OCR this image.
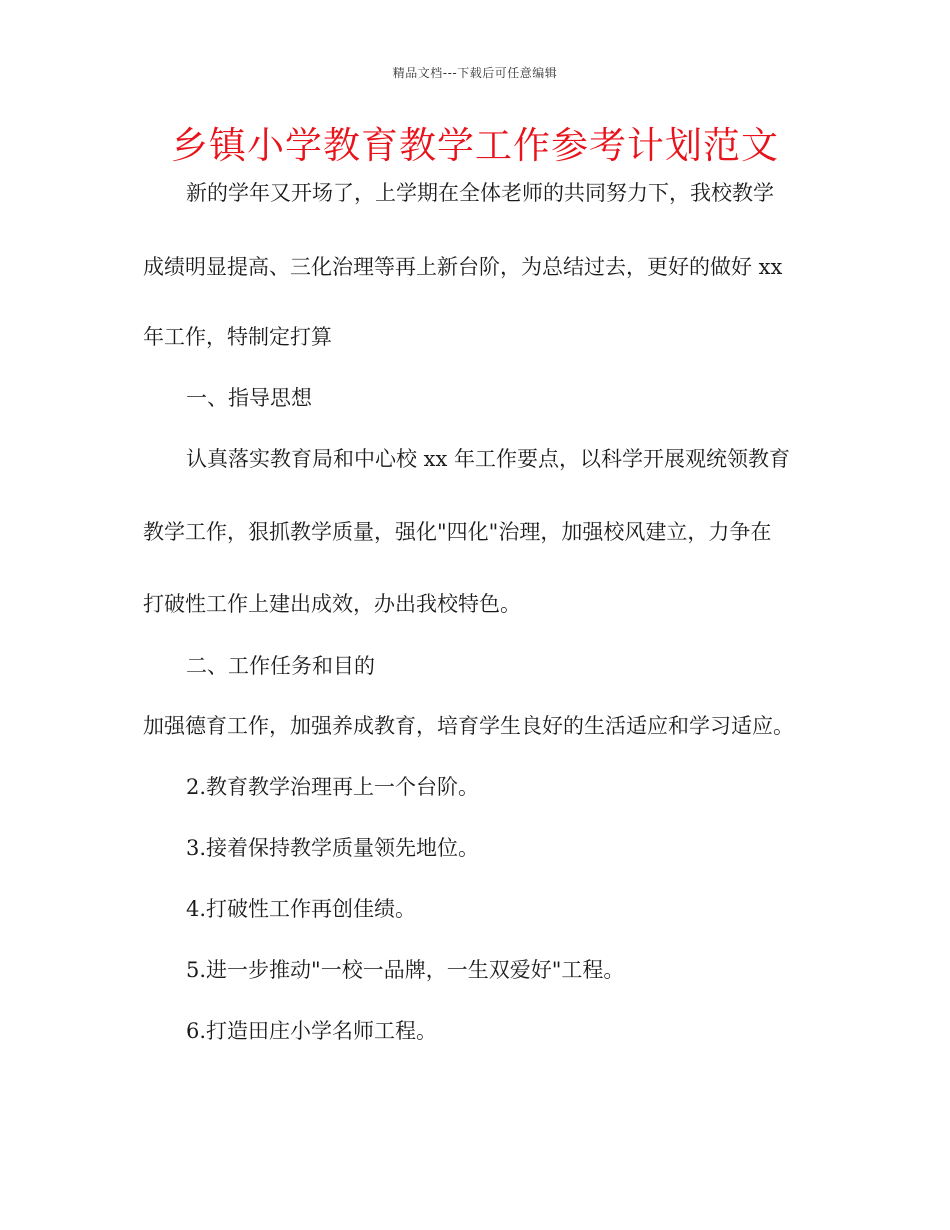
精品文档---下载后可任意编辑
乡镇小学教育教学工作参考计划范文
新的学年又开场了，上学期在全体老师的共同努力下，我校教学
成绩明显提高、三化治理等再上新台阶，为总结过去，更好的做好 xx
年工作，特制定打算
一、指导思想
认真落实教育局和中心校 xx 年工作要点，以科学开展观统领教育
教学工作，狠抓教学质量，强化"四化"治理，加强校风建立，力争在
打破性工作上建出成效，办出我校特色。
二、工作任务和目的
加强德育工作，加强养成教育，培育学生良好的生活适应和学习适应。
2.教育教学治理再上一个台阶。
3.接着保持教学质量领先地位。
4.打破性工作再创佳绩。
5.进一步推动"一校一品牌，一生双爱好"工程。
6.打造田庄小学名师工程。
